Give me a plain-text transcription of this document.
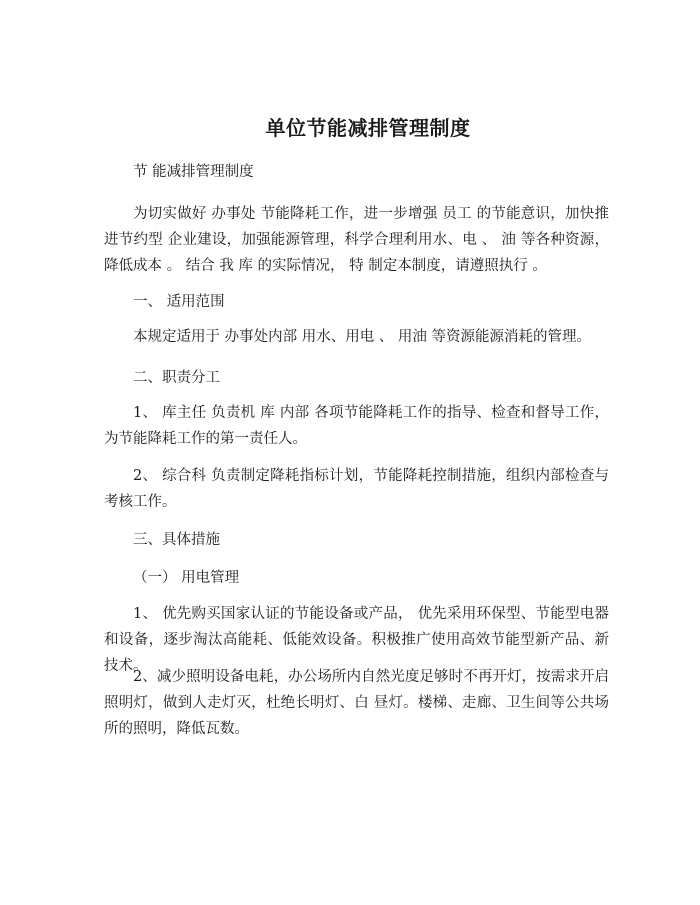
单位节能减排管理制度

节 能减排管理制度

为切实做好 办事处 节能降耗工作，进一步增强 员工 的节能意识，加快推进节约型 企业建设，加强能源管理，科学合理利用水、电 、 油 等各种资源， 降低成本 。 结合 我 库 的实际情况， 特 制定本制度，请遵照执行 。

一、 适用范围

本规定适用于 办事处内部 用水、用电 、 用油 等资源能源消耗的管理。

二、职责分工

1、 库主任 负责机 库 内部 各项节能降耗工作的指导、检查和督导工作，为节能降耗工作的第一责任人。

2、 综合科 负责制定降耗指标计划，节能降耗控制措施，组织内部检查与考核工作。

三、具体措施

（一） 用电管理

1、 优先购买国家认证的节能设备或产品， 优先采用环保型、节能型电器和设备，逐步淘汰高能耗、低能效设备。积极推广使用高效节能型新产品、新技术。

2、减少照明设备电耗，办公场所内自然光度足够时不再开灯，按需求开启照明灯，做到人走灯灭，杜绝长明灯、白 昼灯。楼梯、走廊、卫生间等公共场所的照明，降低瓦数。
